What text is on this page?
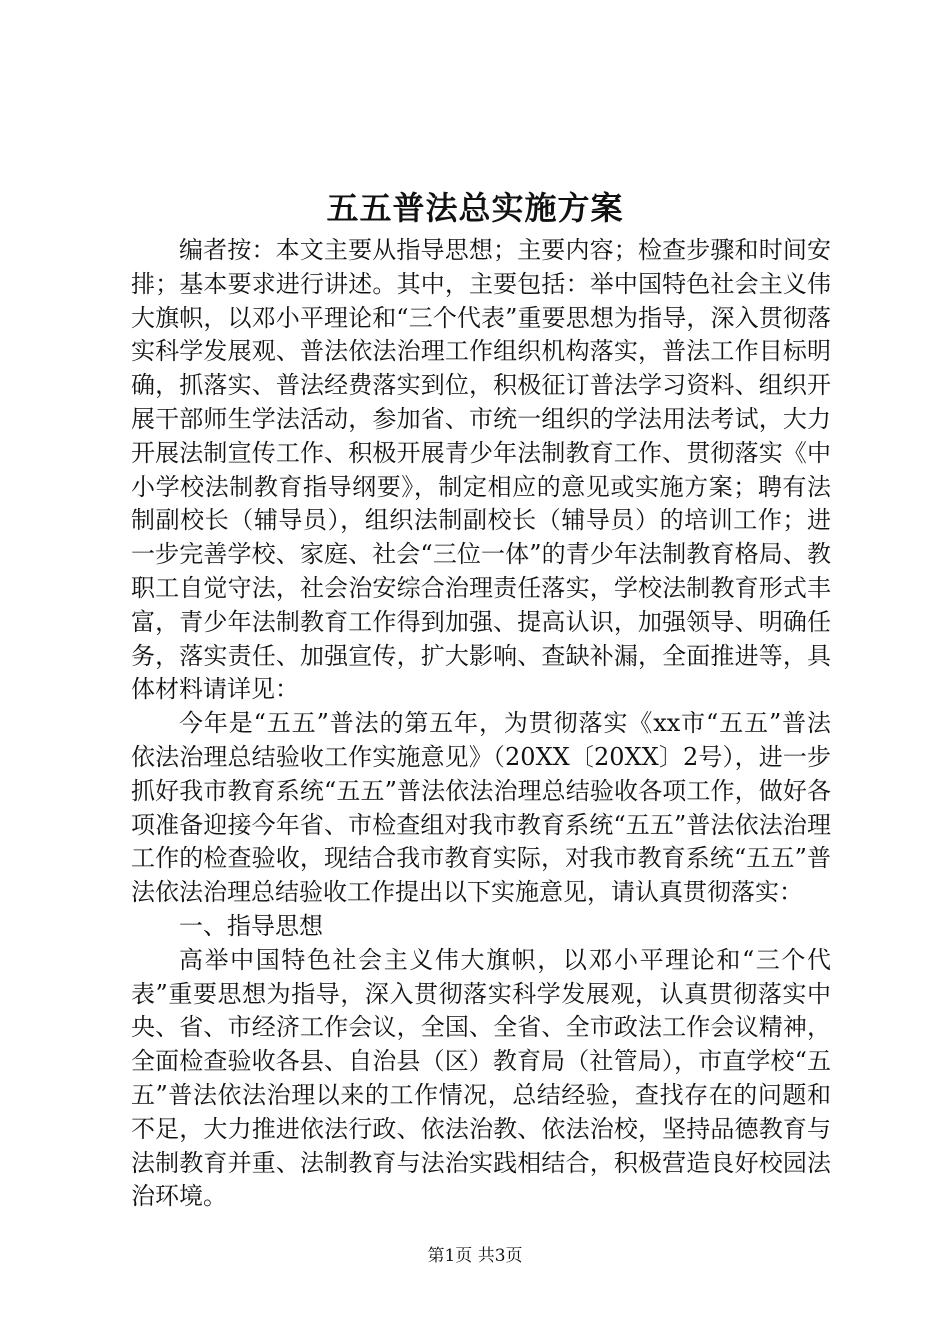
五五普法总实施方案

编者按：本文主要从指导思想；主要内容；检查步骤和时间安排；基本要求进行讲述。其中，主要包括：举中国特色社会主义伟大旗帜，以邓小平理论和“三个代表”重要思想为指导，深入贯彻落实科学发展观、普法依法治理工作组织机构落实，普法工作目标明确，抓落实、普法经费落实到位，积极征订普法学习资料、组织开展干部师生学法活动，参加省、市统一组织的学法用法考试，大力开展法制宣传工作、积极开展青少年法制教育工作、贯彻落实《中小学校法制教育指导纲要》，制定相应的意见或实施方案；聘有法制副校长（辅导员），组织法制副校长（辅导员）的培训工作；进一步完善学校、家庭、社会“三位一体”的青少年法制教育格局、教职工自觉守法，社会治安综合治理责任落实，学校法制教育形式丰富，青少年法制教育工作得到加强、提高认识，加强领导、明确任务，落实责任、加强宣传，扩大影响、查缺补漏，全面推进等，具体材料请详见：

今年是“五五”普法的第五年，为贯彻落实《xx市“五五”普法依法治理总结验收工作实施意见》（20XX〔20XX〕2号），进一步抓好我市教育系统“五五”普法依法治理总结验收各项工作，做好各项准备迎接今年省、市检查组对我市教育系统“五五”普法依法治理工作的检查验收，现结合我市教育实际，对我市教育系统“五五”普法依法治理总结验收工作提出以下实施意见，请认真贯彻落实：

一、指导思想

高举中国特色社会主义伟大旗帜，以邓小平理论和“三个代表”重要思想为指导，深入贯彻落实科学发展观，认真贯彻落实中央、省、市经济工作会议，全国、全省、全市政法工作会议精神，全面检查验收各县、自治县（区）教育局（社管局），市直学校“五五”普法依法治理以来的工作情况，总结经验，查找存在的问题和不足，大力推进依法行政、依法治教、依法治校，坚持品德教育与法制教育并重、法制教育与法治实践相结合，积极营造良好校园法治环境。

第1页 共3页
